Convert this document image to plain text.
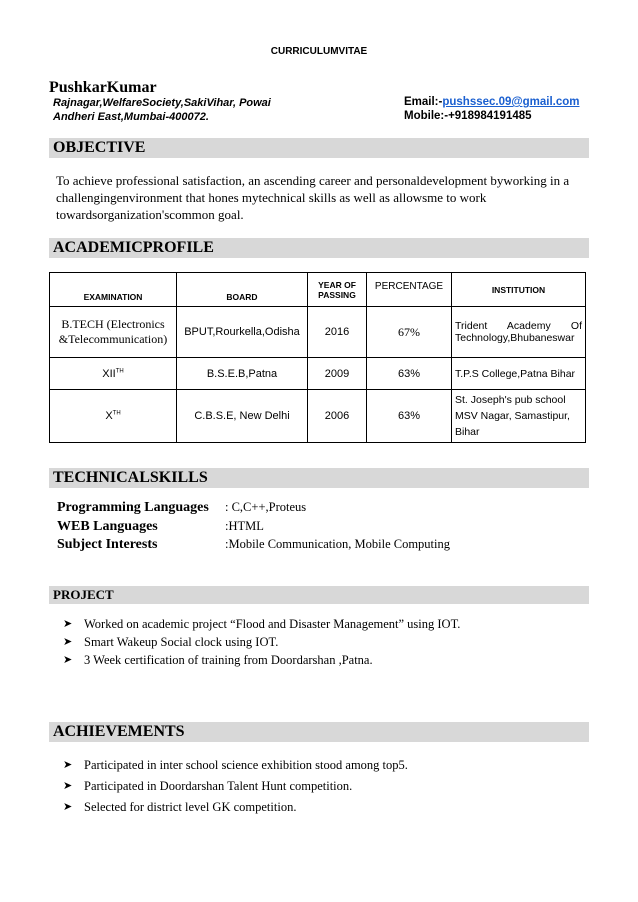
CURRICULUMVITAE
PushkarKumar
Rajnagar,WelfareSociety,SakiVihar, Powai
Andheri East,Mumbai-400072.
Email:-pushssec.09@gmail.com
Mobile:-+918984191485
OBJECTIVE
To achieve professional satisfaction, an ascending career and personaldevelopment byworking in a challengingenvironment that hones mytechnical skills as well as allowsme to work towardsorganization'scommon goal.
ACADEMICPROFILE
EXAMINATION	BOARD	YEAR OF PASSING	PERCENTAGE	INSTITUTION
B.TECH (Electronics &Telecommunication)	BPUT,Rourkella,Odisha	2016	67%	Trident Academy Of Technology,Bhubaneswar
XIITH	B.S.E.B,Patna	2009	63%	T.P.S College,Patna Bihar
XTH	C.B.S.E, New Delhi	2006	63%	St. Joseph's pub school MSV Nagar, Samastipur, Bihar
TECHNICALSKILLS
Programming Languages : C,C++,Proteus
WEB Languages	:HTML
Subject Interests	:Mobile Communication, Mobile Computing
PROJECT
➤ Worked on academic project “Flood and Disaster Management” using IOT.
➤ Smart Wakeup Social clock using IOT.
➤ 3 Week certification of training from Doordarshan ,Patna.
ACHIEVEMENTS
➤ Participated in inter school science exhibition stood among top5.
➤ Participated in Doordarshan Talent Hunt competition.
➤ Selected for district level GK competition.
